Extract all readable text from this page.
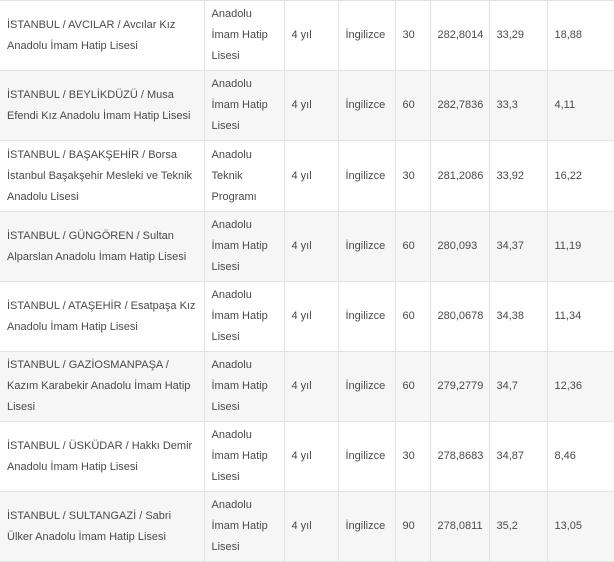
İSTANBUL / AVCILAR / Avcılar Kız Anadolu İmam Hatip Lisesi	Anadolu İmam Hatip Lisesi	4 yıl	İngilizce	30	282,8014	33,29	18,88
İSTANBUL / BEYLİKDÜZÜ / Musa Efendi Kız Anadolu İmam Hatip Lisesi	Anadolu İmam Hatip Lisesi	4 yıl	İngilizce	60	282,7836	33,3	4,11
İSTANBUL / BAŞAKŞEHİR / Borsa İstanbul Başakşehir Mesleki ve Teknik Anadolu Lisesi	Anadolu Teknik Programı	4 yıl	İngilizce	30	281,2086	33,92	16,22
İSTANBUL / GÜNGÖREN / Sultan Alparslan Anadolu İmam Hatip Lisesi	Anadolu İmam Hatip Lisesi	4 yıl	İngilizce	60	280,093	34,37	11,19
İSTANBUL / ATAŞEHİR / Esatpaşa Kız Anadolu İmam Hatip Lisesi	Anadolu İmam Hatip Lisesi	4 yıl	İngilizce	60	280,0678	34,38	11,34
İSTANBUL / GAZİOSMANPAŞA / Kazım Karabekir Anadolu İmam Hatip Lisesi	Anadolu İmam Hatip Lisesi	4 yıl	İngilizce	60	279,2779	34,7	12,36
İSTANBUL / ÜSKÜDAR / Hakkı Demir Anadolu İmam Hatip Lisesi	Anadolu İmam Hatip Lisesi	4 yıl	İngilizce	30	278,8683	34,87	8,46
İSTANBUL / SULTANGAZİ / Sabri Ülker Anadolu İmam Hatip Lisesi	Anadolu İmam Hatip Lisesi	4 yıl	İngilizce	90	278,0811	35,2	13,05
